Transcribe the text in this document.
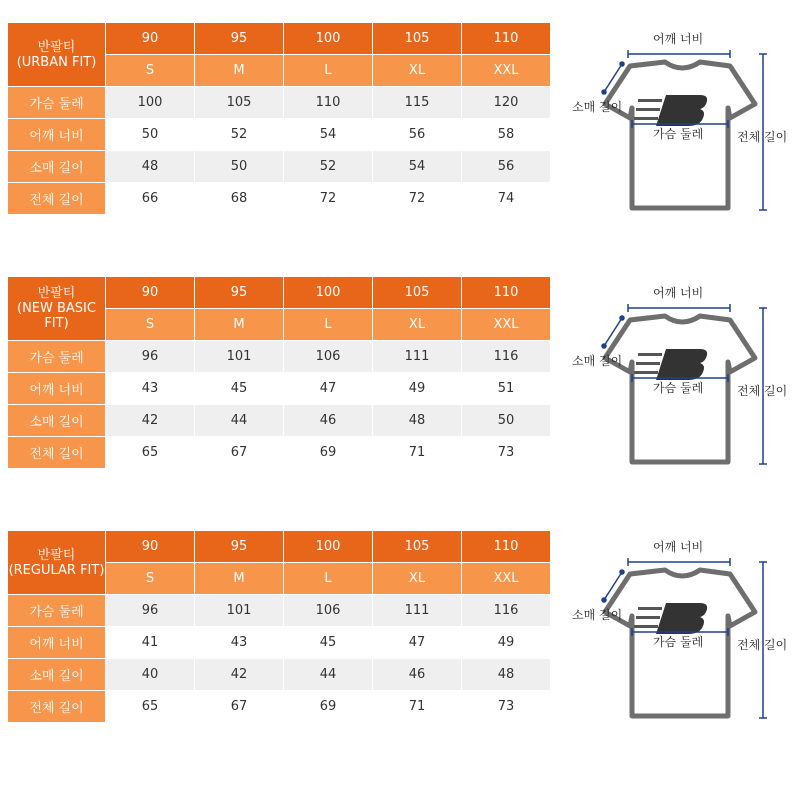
반팔티
(URBAN FIT)	90	95	100	105	110
	S	M	L	XL	XXL
가슴 둘레	100	105	110	115	120
어깨 너비	50	52	54	56	58
소매 길이	48	50	52	54	56
전체 길이	66	68	72	72	74
어깨 너비
소매 길이
가슴 둘레	전체 길이
반팔티
(NEW BASIC FIT)	90	95	100	105	110
	S	M	L	XL	XXL
가슴 둘레	96	101	106	111	116
어깨 너비	43	45	47	49	51
소매 길이	42	44	46	48	50
전체 길이	65	67	69	71	73
어깨 너비
소매 길이
가슴 둘레	전체 길이
반팔티
(REGULAR FIT)	90	95	100	105	110
	S	M	L	XL	XXL
가슴 둘레	96	101	106	111	116
어깨 너비	41	43	45	47	49
소매 길이	40	42	44	46	48
전체 길이	65	67	69	71	73
어깨 너비
소매 길이
가슴 둘레	전체 길이
